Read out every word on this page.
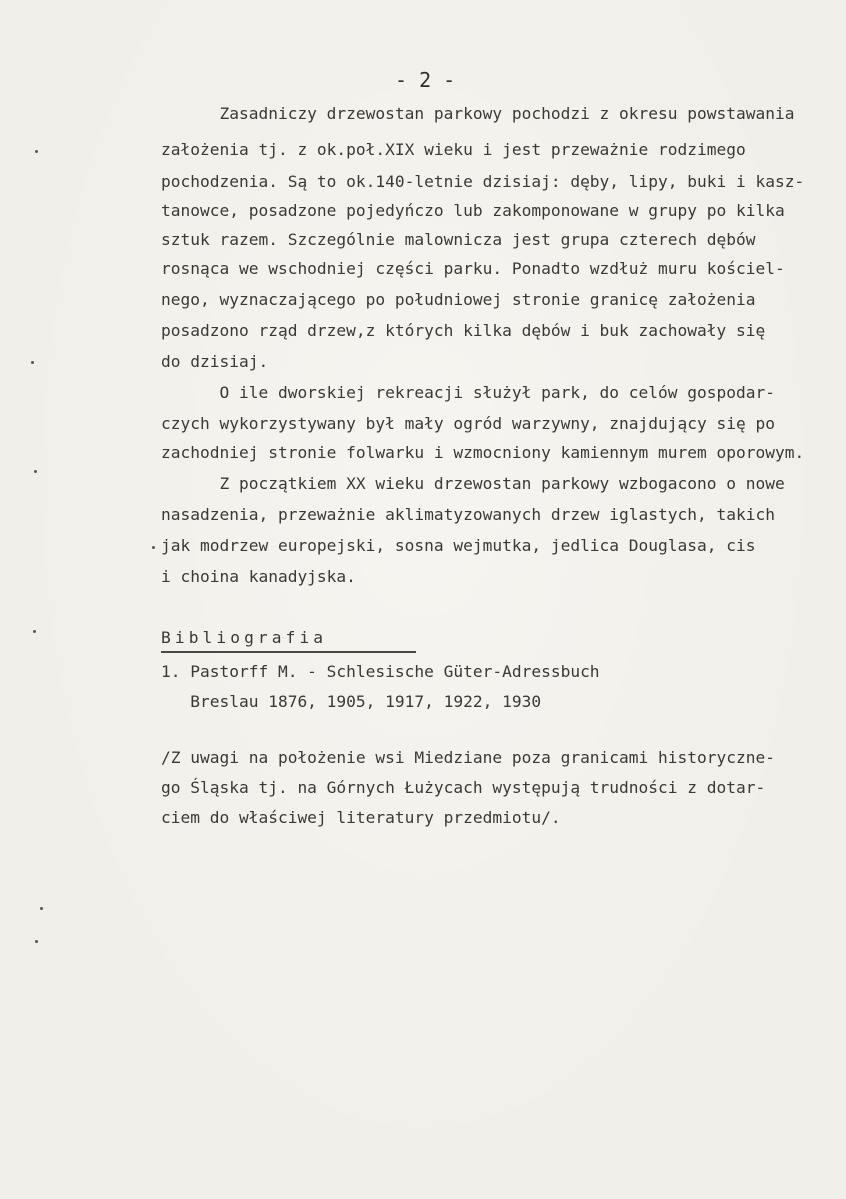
- 2 -
Zasadniczy drzewostan parkowy pochodzi z okresu powstawania
założenia tj. z ok.poł.XIX wieku i jest przeważnie rodzimego
pochodzenia. Są to ok.140-letnie dzisiaj: dęby, lipy, buki i kasz-
tanowce, posadzone pojedyńczo lub zakomponowane w grupy po kilka
sztuk razem. Szczególnie malownicza jest grupa czterech dębów
rosnąca we wschodniej części parku. Ponadto wzdłuż muru kościel-
nego, wyznaczającego po południowej stronie granicę założenia
posadzono rząd drzew,z których kilka dębów i buk zachowały się
do dzisiaj.
O ile dworskiej rekreacji służył park, do celów gospodar-
czych wykorzystywany był mały ogród warzywny, znajdujący się po
zachodniej stronie folwarku i wzmocniony kamiennym murem oporowym.
Z początkiem XX wieku drzewostan parkowy wzbogacono o nowe
nasadzenia, przeważnie aklimatyzowanych drzew iglastych, takich
jak modrzew europejski, sosna wejmutka, jedlica Douglasa, cis
i choina kanadyjska.
Bibliografia
1. Pastorff M. - Schlesische Güter-Adressbuch
Breslau 1876, 1905, 1917, 1922, 1930
/Z uwagi na położenie wsi Miedziane poza granicami historyczne-
go Śląska tj. na Górnych Łużycach występują trudności z dotar-
ciem do właściwej literatury przedmiotu/.
